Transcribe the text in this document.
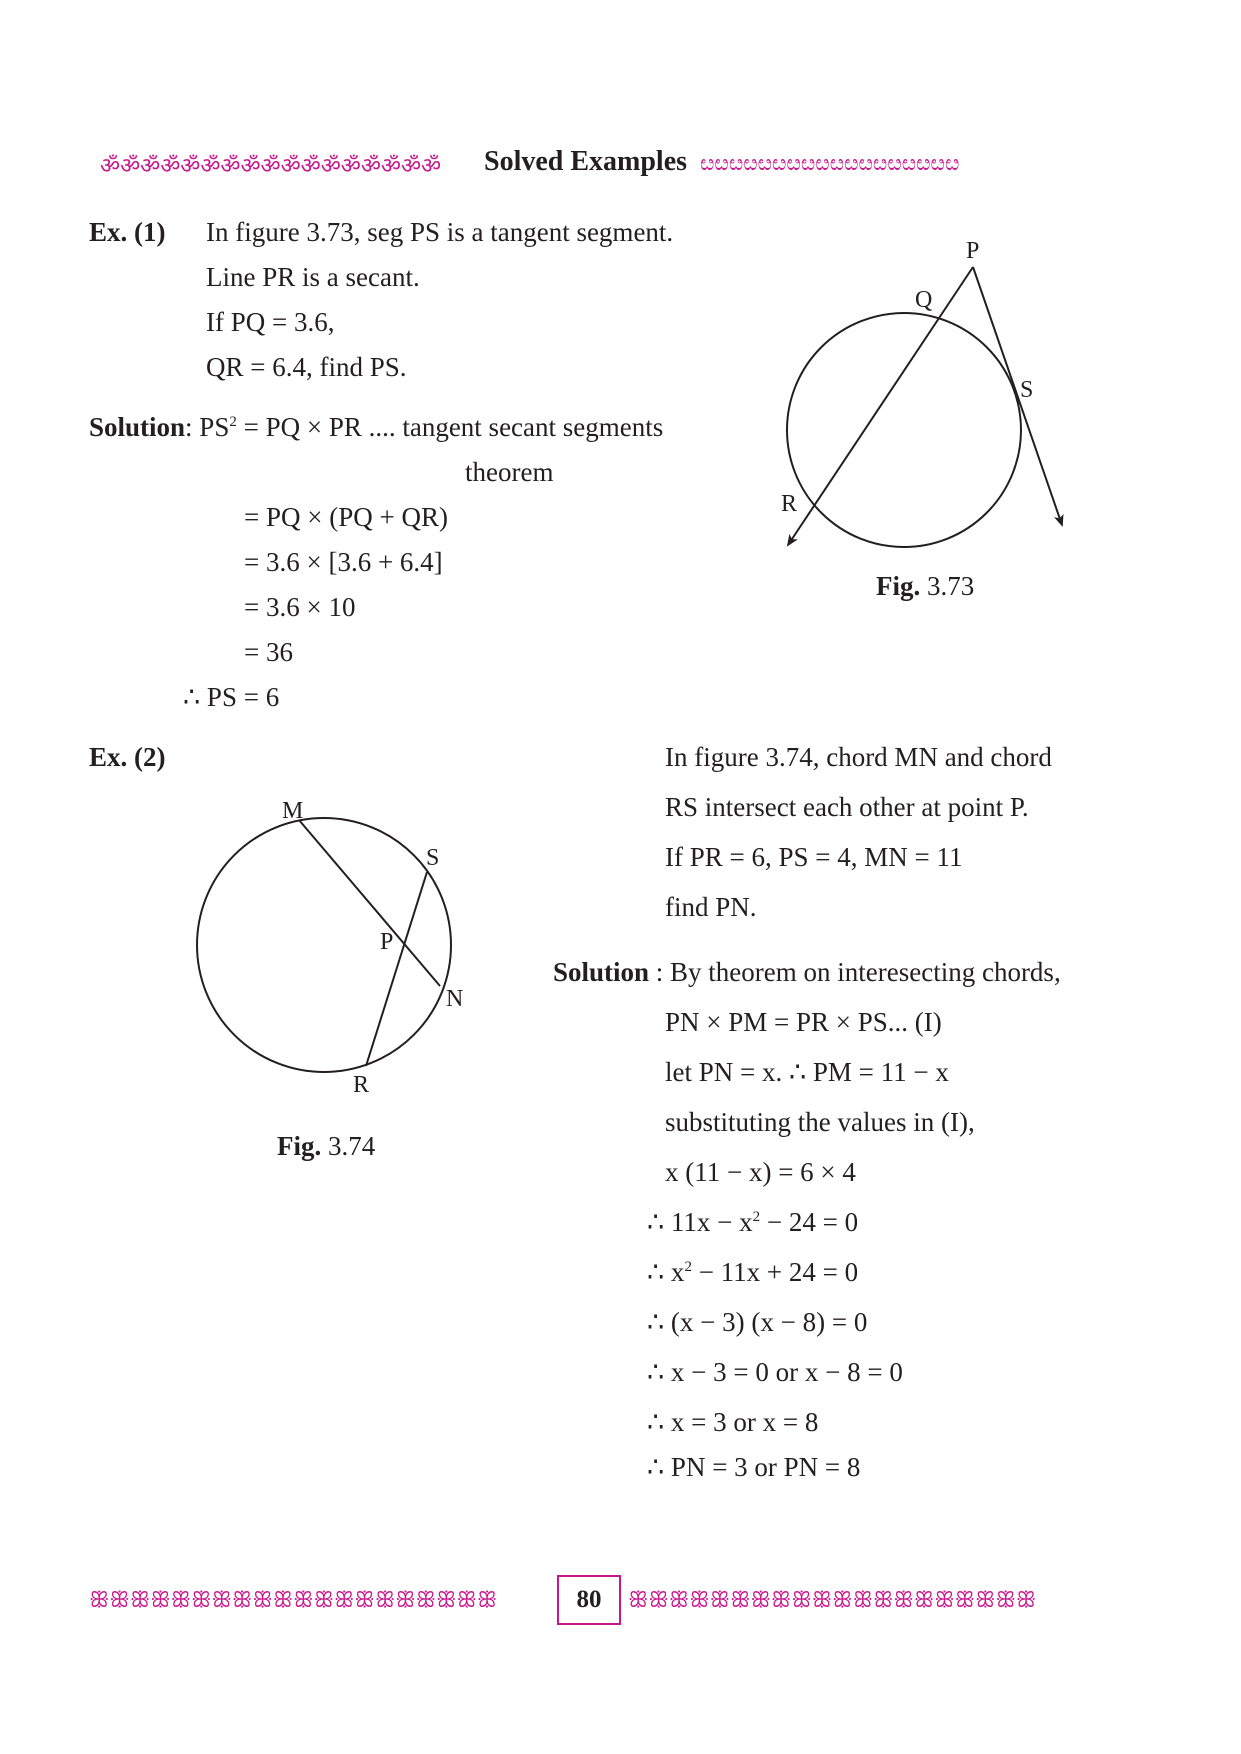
ॐॐॐॐॐॐॐॐॐॐॐॐॐॐॐॐॐ	Solved Examples ೞೞೞೞೞೞೞೞೞೞೞೞೞೞೞೞೞೞ
Ex. (1) In figure 3.73, seg PS is a tangent segment.
Line PR is a secant.
If PQ = 3.6,
QR = 6.4, find PS.
Solution: $PS^2$ = PQ × PR .... tangent secant segments
theorem
= PQ × (PQ + QR)
= 3.6 × [3.6 + 6.4]
= 3.6 × 10
= 36
∴ PS = 6
P
Q
S
R
Fig. 3.73
Ex. (2)	In figure 3.74, chord MN and chord
RS intersect each other at point P.
If PR = 6, PS = 4, MN = 11
find PN.
Solution : By theorem on interesecting chords,
PN × PM = PR × PS... (I)
let PN = x. ∴ PM = 11 − x
substituting the values in (I),
x (11 − x) = 6 × 4
∴ $11x - x^2 - 24 = 0$
∴ $x^2 - 11x + 24 = 0$
∴ (x − 3) (x − 8) = 0
∴ x − 3 = 0 or x − 8 = 0
∴ x = 3 or x = 8
∴ PN = 3 or PN = 8
M
S
P
N
R
Fig. 3.74
ꕥꕥꕥꕥꕥꕥꕥꕥꕥꕥꕥꕥꕥꕥꕥꕥꕥꕥꕥꕥ	80	ꕥꕥꕥꕥꕥꕥꕥꕥꕥꕥꕥꕥꕥꕥꕥꕥꕥꕥꕥꕥ
